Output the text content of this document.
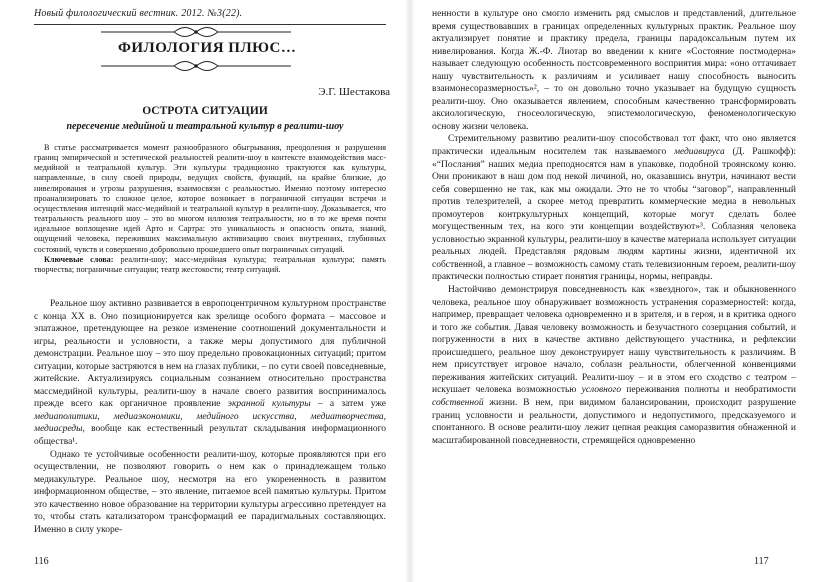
Новый филологический вестник. 2012. №3(22).
ФИЛОЛОГИЯ ПЛЮС…
Э.Г. Шестакова
ОСТРОТА СИТУАЦИИ
пересечение медийной и театральной культур в реалити-шоу

В статье рассматривается момент разнообразного обыгрывания, преодоления и разрушения границ эмпирической и эстетической реальностей реалити-шоу в контексте взаимодействия масс-медийной и театральной культур. Эти культуры традиционно трактуются как культуры, направленные, в силу своей природы, ведущих свойств, функций, на крайне близкие, до нивелирования и угрозы разрушения, взаимосвязи с реальностью. Именно поэтому интересно проанализировать то сложное целое, которое возникает в пограничной ситуации встречи и осуществления интенций масс-медийной и театральной культур в реалити-шоу. Доказывается, что театральность реального шоу – это во многом иллюзия театральности, но в то же время почти идеальное воплощение идей Арто и Сартра: это уникальность и опасность опыта, знаний, ощущений человека, переживших максимальную активизацию своих внутренних, глубинных состояний, чувств и совершенно добровольно прошедшего опыт пограничных ситуаций.

Ключевые слова: реалити-шоу; масс-медийная культура; театральная культура; память творчества; пограничные ситуации; театр жестокости; театр ситуаций.

Реальное шоу активно развивается в европоцентричном культурном пространстве с конца XX в. Оно позиционируется как зрелище особого формата – массовое и эпатажное, претендующее на резкое изменение соотношений документальности и игры, реальности и условности, а также меры допустимого для публичной демонстрации. Реальное шоу – это шоу предельно провокационных ситуаций; притом ситуации, которые застряются в нем на глазах публики, – по сути своей повседневные, житейские. Актуализируясь социальным сознанием относительно пространства массмедийной культуры, реалити-шоу в начале своего развития воспринималось прежде всего как органичное проявление экранной культуры – а затем уже медиаполитики, медиаэкономики, медийного искусства, медиатворчества, медиасреды, вообще как естественный результат складывания информационного общества¹.

Однако те устойчивые особенности реалити-шоу, которые проявляются при его осуществлении, не позволяют говорить о нем как о принадлежащем только медиакультуре. Реальное шоу, несмотря на его укорененность в развитом информационном обществе, – это явление, питаемое всей памятью культуры. Притом это качественно новое образование на территории культуры агрессивно претендует на то, чтобы стать катализатором трансформаций ее парадигмальных составляющих. Именно в силу укоре-

116

ненности в культуре оно смогло изменить ряд смыслов и представлений, длительное время существовавших в границах определенных культурных практик. Реальное шоу актуализирует понятие и практику предела, границы парадоксальным путем их нивелирования. Когда Ж.-Ф. Лиотар во введении к книге «Состояние постмодерна» называет следующую особенность постсовременного восприятия мира: «оно оттачивает нашу чувствительность к различиям и усиливает нашу способность выносить взаимонесоразмерность»², – то он довольно точно указывает на будущую сущность реалити-шоу. Оно оказывается явлением, способным качественно трансформировать аксиологическую, гносеологическую, эпистемологическую, феноменологическую основу жизни человека.

Стремительному развитию реалити-шоу способствовал тот факт, что оно является практически идеальным носителем так называемого медиавируса (Д. Рашкофф): «“Послания” наших медиа преподносятся нам в упаковке, подобной троянскому коню. Они проникают в наш дом под некой личиной, но, оказавшись внутри, начинают вести себя совершенно не так, как мы ожидали. Это не то чтобы “заговор”, направленный против телезрителей, а скорее метод превратить коммерческие медиа в невольных промоутеров контркультурных концепций, которые могут сделать более могущественным тех, на кого эти концепции воздействуют»³. Соблазняя человека условностью экранной культуры, реалити-шоу в качестве материала использует ситуации реальных людей. Представляя рядовым людям картины жизни, идентичной их собственной, а главное – возможность самому стать телевизионным героем, реалити-шоу практически полностью стирает понятия границы, нормы, неправды.

Настойчиво демонстрируя повседневность как «звездного», так и обыкновенного человека, реальное шоу обнаруживает возможность устранения соразмерностей: когда, например, превращает человека одновременно и в зрителя, и в героя, и в критика одного и того же события. Давая человеку возможность и безучастного созерцания событий, и погруженности в них в качестве активно действующего участника, и рефлексии происшедшего, реальное шоу деконструирует нашу чувствительность к различиям. В нем присутствует игровое начало, соблазн реальности, облегченной конвенциями переживания житейских ситуаций. Реалити-шоу – и в этом его сходство с театром – искушает человека возможностью условного переживания полноты и необратимости собственной жизни. В нем, при видимом балансировании, происходит разрушение границ условности и реальности, допустимого и недопустимого, предсказуемого и спонтанного. В основе реалити-шоу лежит цепная реакция саморазвития обнаженной и масштабированной повседневности, стремящейся одновременно

117
